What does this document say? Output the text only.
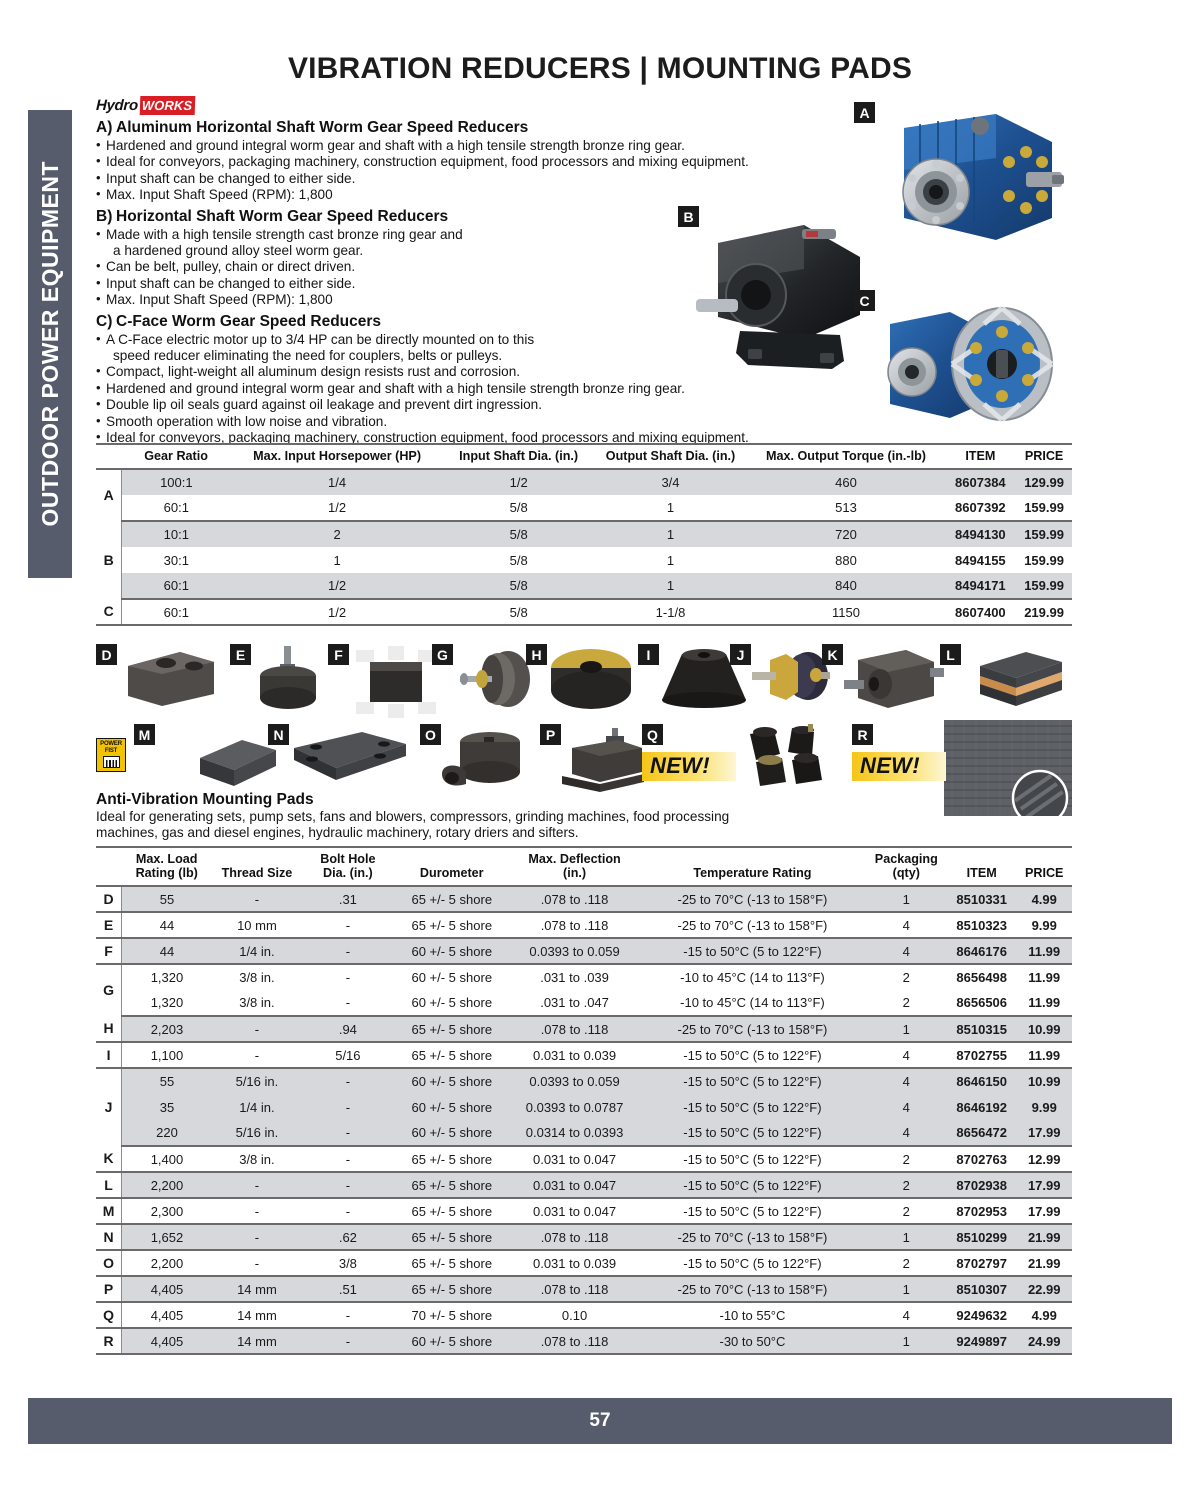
VIBRATION REDUCERS | MOUNTING PADS
OUTDOOR POWER EQUIPMENT
A
B
C
Hydro WORKS
A) Aluminum Horizontal Shaft Worm Gear Speed Reducers
• Hardened and ground integral worm gear and shaft with a high tensile strength bronze ring gear.
• Ideal for conveyors, packaging machinery, construction equipment, food processors and mixing equipment.
• Input shaft can be changed to either side.
• Max. Input Shaft Speed (RPM): 1,800
B) Horizontal Shaft Worm Gear Speed Reducers
• Made with a high tensile strength cast bronze ring gear and
a hardened ground alloy steel worm gear.
• Can be belt, pulley, chain or direct driven.
• Input shaft can be changed to either side.
• Max. Input Shaft Speed (RPM): 1,800
C) C-Face Worm Gear Speed Reducers
• A C-Face electric motor up to 3/4 HP can be directly mounted on to this
speed reducer eliminating the need for couplers, belts or pulleys.
• Compact, light-weight all aluminum design resists rust and corrosion.
• Hardened and ground integral worm gear and shaft with a high tensile strength bronze ring gear.
• Double lip oil seals guard against oil leakage and prevent dirt ingression.
• Smooth operation with low noise and vibration.
• Ideal for conveyors, packaging machinery, construction equipment, food processors and mixing equipment.
	Gear Ratio	Max. Input Horsepower (HP)	Input Shaft Dia. (in.)	Output Shaft Dia. (in.)	Max. Output Torque (in.-lb)	ITEM	PRICE
A	100:1	1/4	1/2	3/4	460	8607384	129.99
	60:1	1/2	5/8	1	513	8607392	159.99
B	10:1	2	5/8	1	720	8494130	159.99
	30:1	1	5/8	1	880	8494155	159.99
	60:1	1/2	5/8	1	840	8494171	159.99
C	60:1	1/2	5/8	1-1/8	1150	8607400	219.99
D	E	F	G	H	I	J	K	L
POWER
FIST
M	N	O	P	Q
NEW!
R
NEW!
Anti-Vibration Mounting Pads
Ideal for generating sets, pump sets, fans and blowers, compressors, grinding machines, food processing
machines, gas and diesel engines, hydraulic machinery, rotary driers and sifters.
	Max. Load
Rating (lb)	Thread Size	Bolt Hole
Dia. (in.)	Durometer	Max. Deflection
(in.)	Temperature Rating	Packaging
(qty)	ITEM	PRICE
D	55	-	.31	65 +/- 5 shore	.078 to .118	-25 to 70°C (-13 to 158°F)	1	8510331	4.99
E	44	10 mm	-	65 +/- 5 shore	.078 to .118	-25 to 70°C (-13 to 158°F)	4	8510323	9.99
F	44	1/4 in.	-	60 +/- 5 shore	0.0393 to 0.059	-15 to 50°C (5 to 122°F)	4	8646176	11.99
G	1,320	3/8 in.	-	60 +/- 5 shore	.031 to .039	-10 to 45°C (14 to 113°F)	2	8656498	11.99
	1,320	3/8 in.	-	60 +/- 5 shore	.031 to .047	-10 to 45°C (14 to 113°F)	2	8656506	11.99
H	2,203	-	.94	65 +/- 5 shore	.078 to .118	-25 to 70°C (-13 to 158°F)	1	8510315	10.99
I	1,100	-	5/16	65 +/- 5 shore	0.031 to 0.039	-15 to 50°C (5 to 122°F)	4	8702755	11.99
J	55	5/16 in.	-	60 +/- 5 shore	0.0393 to 0.059	-15 to 50°C (5 to 122°F)	4	8646150	10.99
	35	1/4 in.	-	60 +/- 5 shore	0.0393 to 0.0787	-15 to 50°C (5 to 122°F)	4	8646192	9.99
	220	5/16 in.	-	60 +/- 5 shore	0.0314 to 0.0393	-15 to 50°C (5 to 122°F)	4	8656472	17.99
K	1,400	3/8 in.	-	65 +/- 5 shore	0.031 to 0.047	-15 to 50°C (5 to 122°F)	2	8702763	12.99
L	2,200	-	-	65 +/- 5 shore	0.031 to 0.047	-15 to 50°C (5 to 122°F)	2	8702938	17.99
M	2,300	-	-	65 +/- 5 shore	0.031 to 0.047	-15 to 50°C (5 to 122°F)	2	8702953	17.99
N	1,652	-	.62	65 +/- 5 shore	.078 to .118	-25 to 70°C (-13 to 158°F)	1	8510299	21.99
O	2,200	-	3/8	65 +/- 5 shore	0.031 to 0.039	-15 to 50°C (5 to 122°F)	2	8702797	21.99
P	4,405	14 mm	.51	65 +/- 5 shore	.078 to .118	-25 to 70°C (-13 to 158°F)	1	8510307	22.99
Q	4,405	14 mm	-	70 +/- 5 shore	0.10	-10 to 55°C	4	9249632	4.99
R	4,405	14 mm	-	60 +/- 5 shore	.078 to .118	-30 to 50°C	1	9249897	24.99
57
